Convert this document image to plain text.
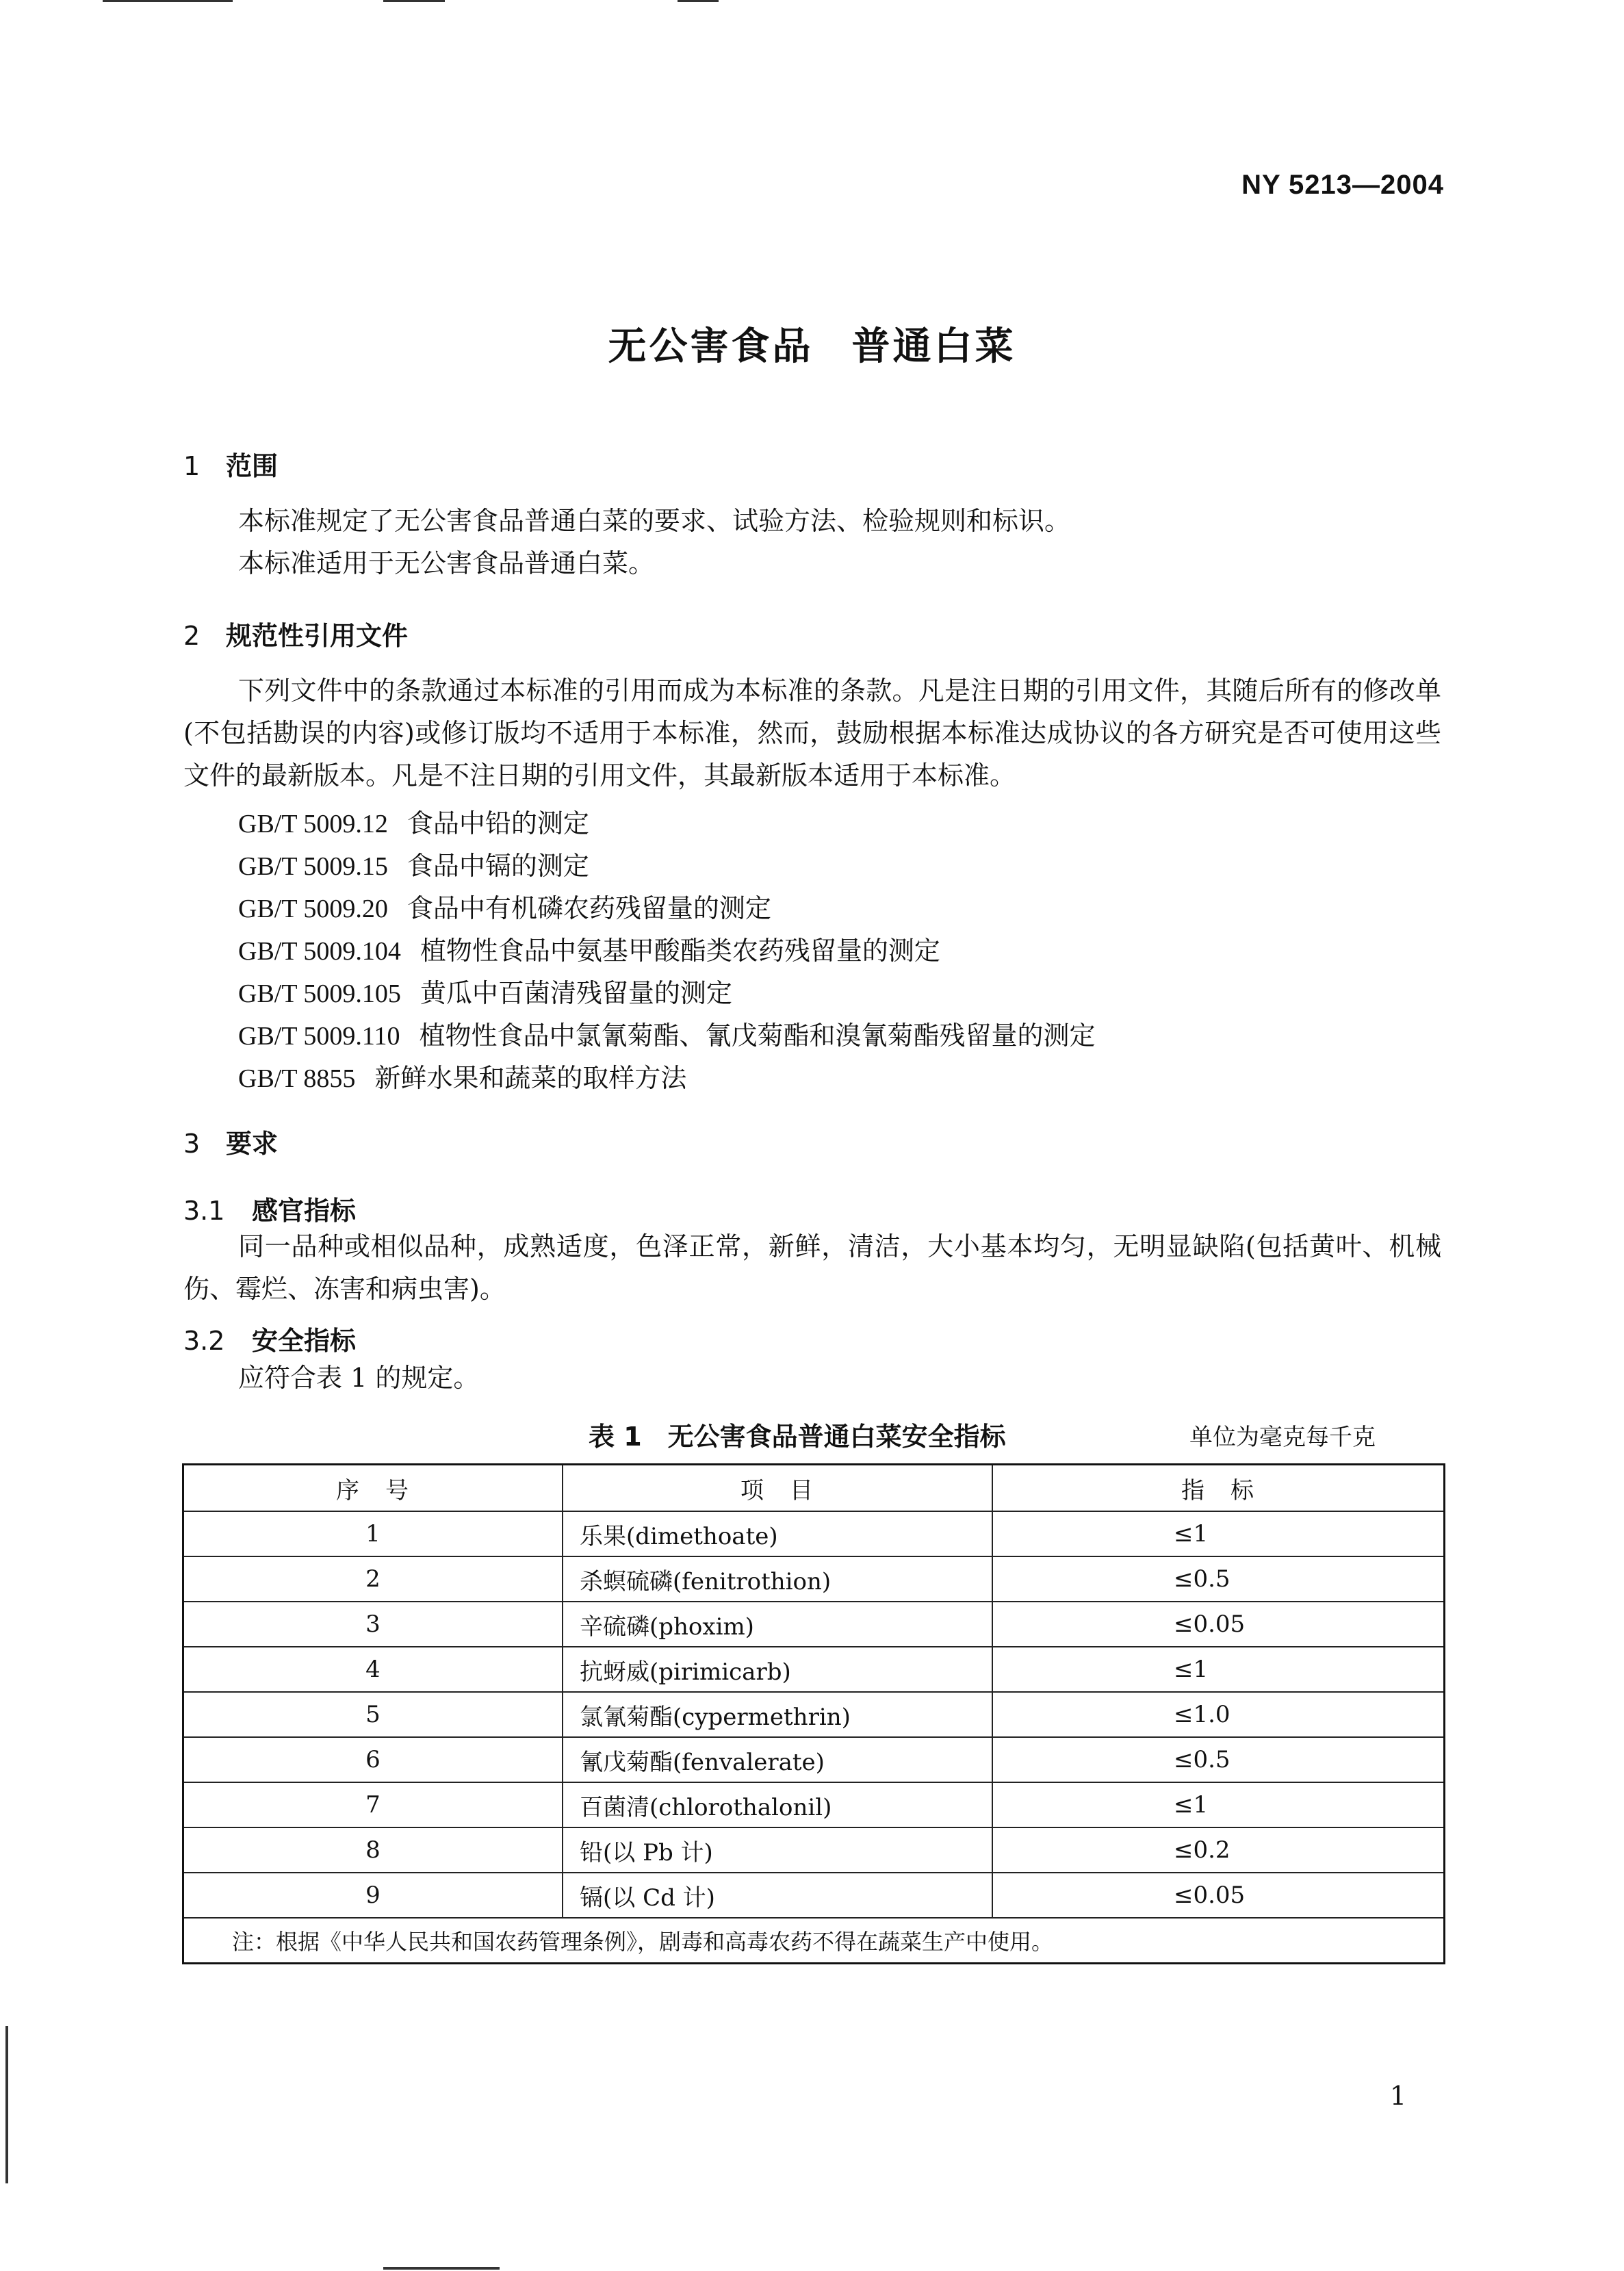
NY 5213—2004
无公害食品 普通白菜
1 范围
本标准规定了无公害食品普通白菜的要求、试验方法、检验规则和标识。
本标准适用于无公害食品普通白菜。
2 规范性引用文件
下列文件中的条款通过本标准的引用而成为本标准的条款。凡是注日期的引用文件，其随后所有的修改单(不包括勘误的内容)或修订版均不适用于本标准，然而，鼓励根据本标准达成协议的各方研究是否可使用这些文件的最新版本。凡是不注日期的引用文件，其最新版本适用于本标准。
GB/T 5009.12 食品中铅的测定
GB/T 5009.15 食品中镉的测定
GB/T 5009.20 食品中有机磷农药残留量的测定
GB/T 5009.104 植物性食品中氨基甲酸酯类农药残留量的测定
GB/T 5009.105 黄瓜中百菌清残留量的测定
GB/T 5009.110 植物性食品中氯氰菊酯、氰戊菊酯和溴氰菊酯残留量的测定
GB/T 8855 新鲜水果和蔬菜的取样方法
3 要求
3.1 感官指标
同一品种或相似品种，成熟适度，色泽正常，新鲜，清洁，大小基本均匀，无明显缺陷(包括黄叶、机械伤、霉烂、冻害和病虫害)。
3.2 安全指标
应符合表 1 的规定。
表 1　无公害食品普通白菜安全指标	单位为毫克每千克
序　号	项　目	指　标
1	乐果(dimethoate)	≤1
2	杀螟硫磷(fenitrothion)	≤0.5
3	辛硫磷(phoxim)	≤0.05
4	抗蚜威(pirimicarb)	≤1
5	氯氰菊酯(cypermethrin)	≤1.0
6	氰戊菊酯(fenvalerate)	≤0.5
7	百菌清(chlorothalonil)	≤1
8	铅(以 Pb 计)	≤0.2
9	镉(以 Cd 计)	≤0.05
注：根据《中华人民共和国农药管理条例》，剧毒和高毒农药不得在蔬菜生产中使用。		
1
